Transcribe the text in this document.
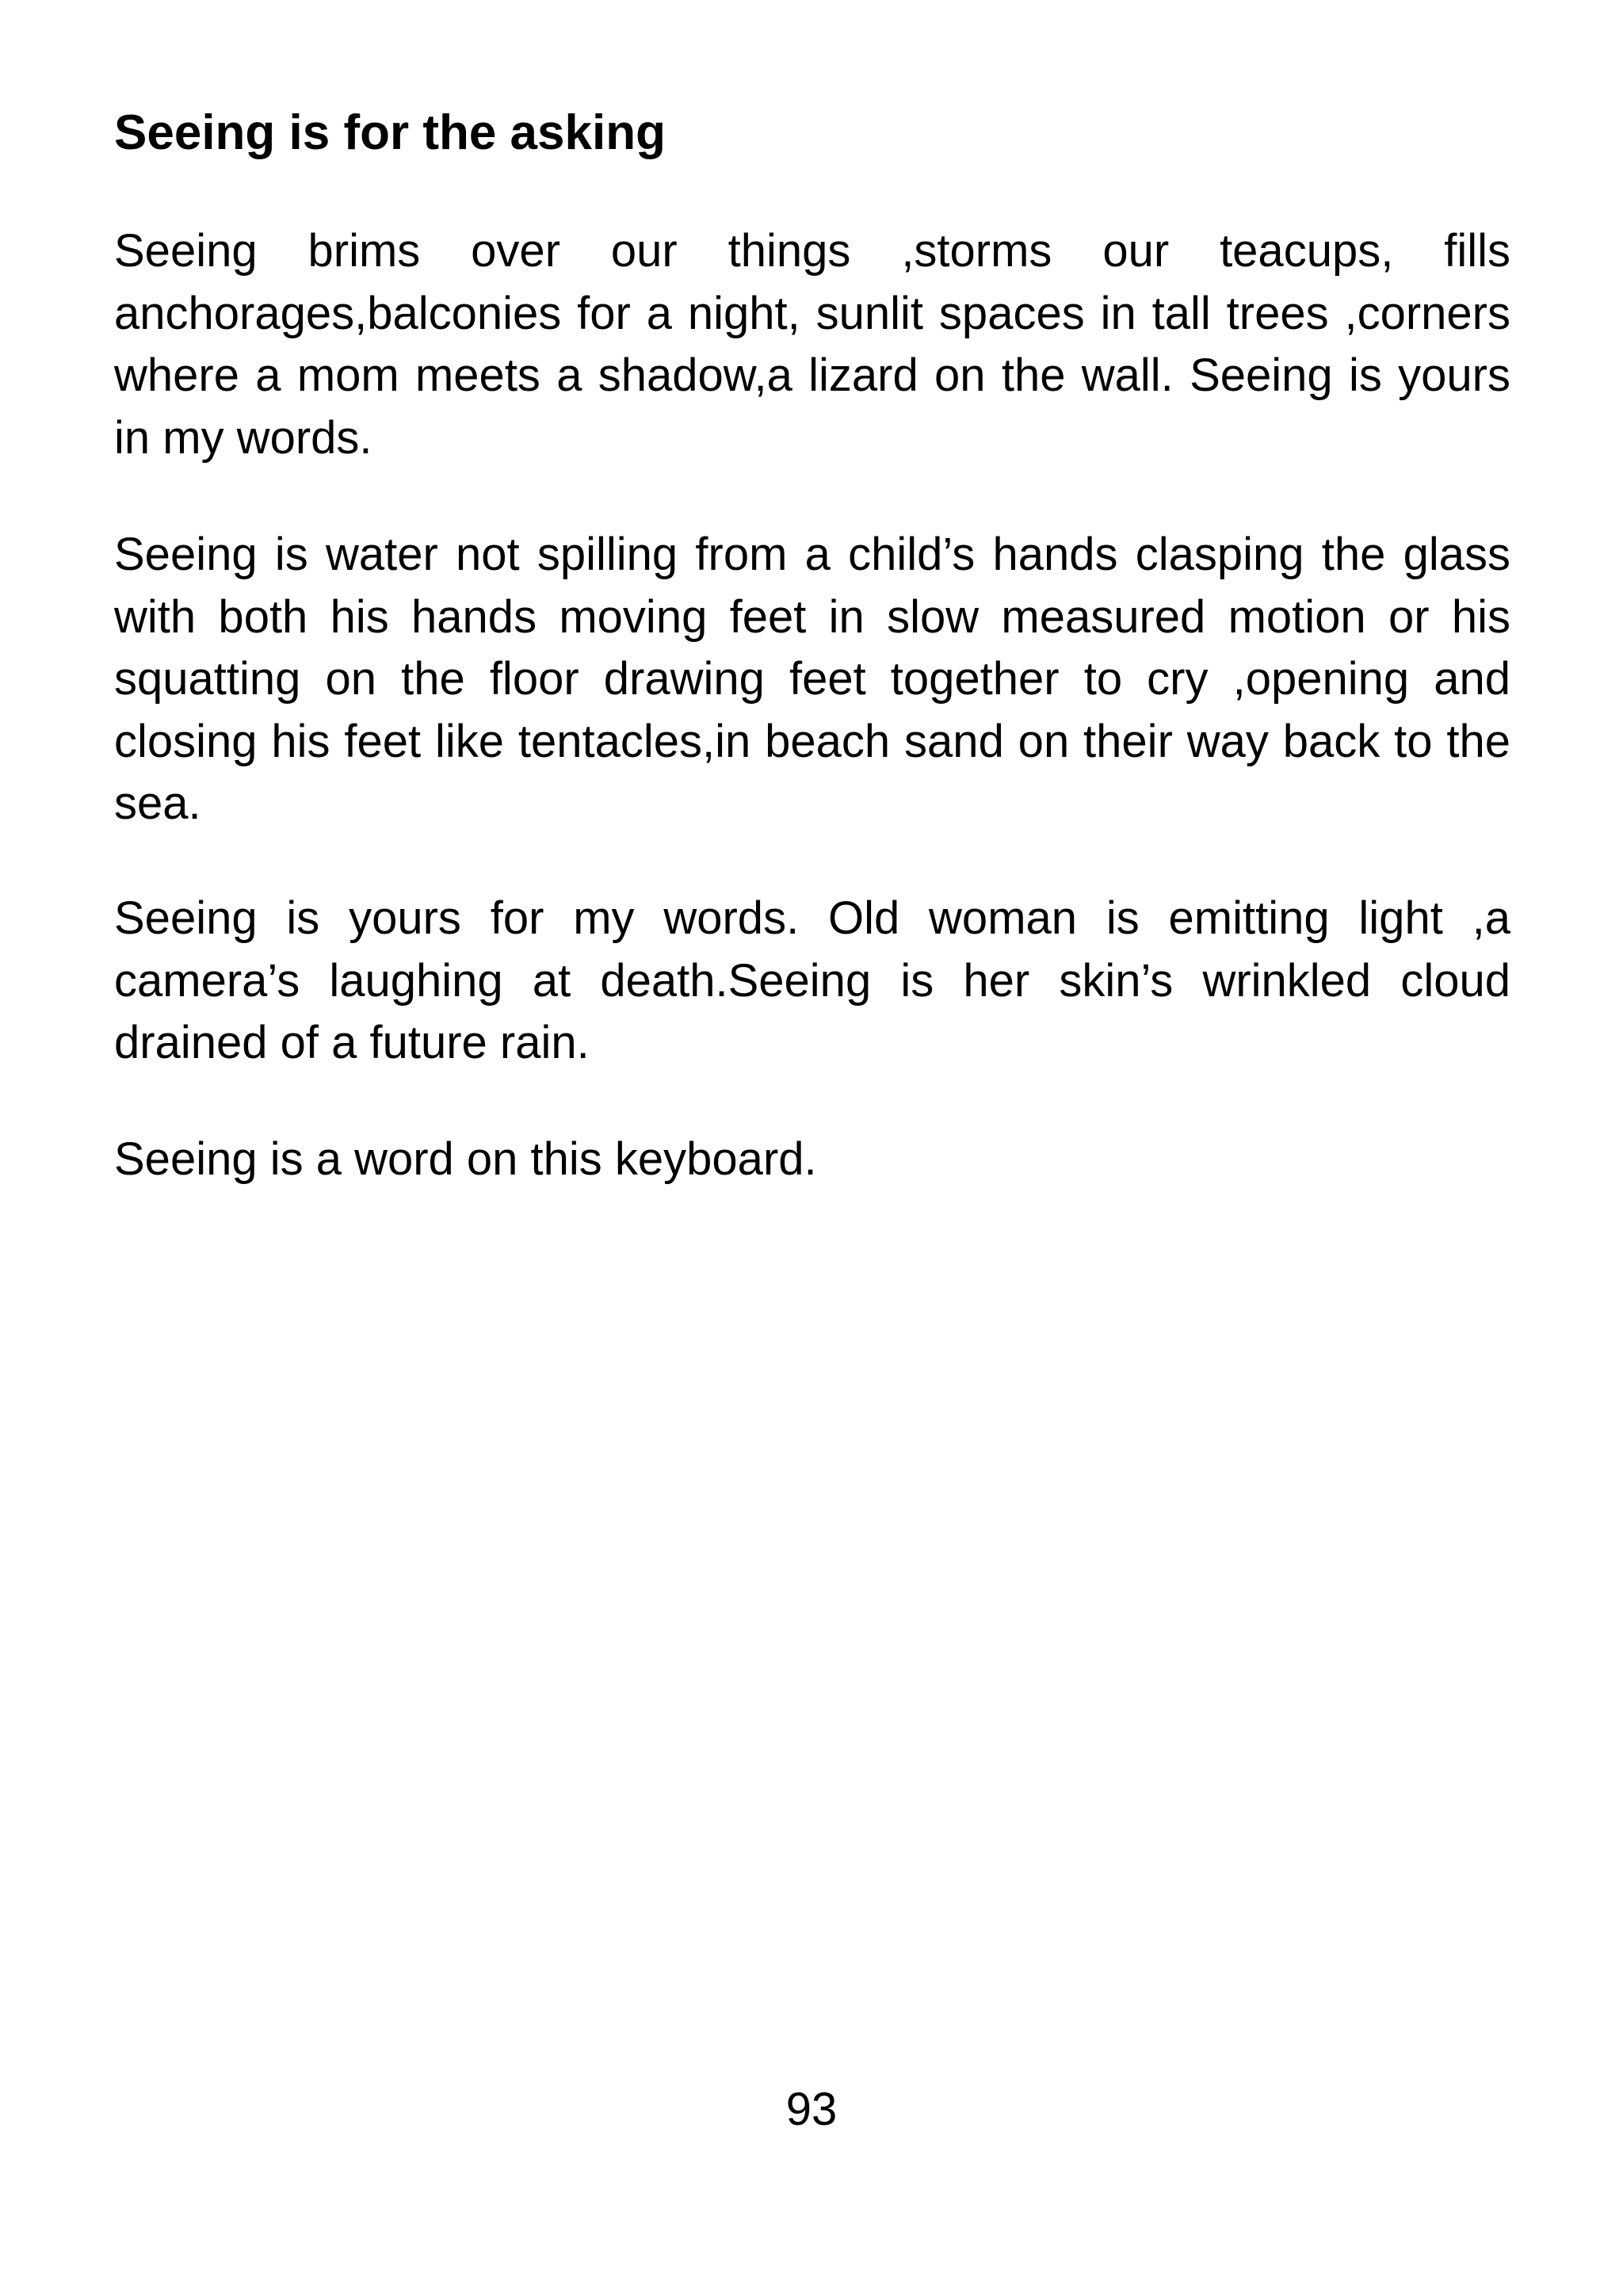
Seeing is for the asking

Seeing brims over our things ,storms our teacups, fills anchorages,balconies for a night, sunlit spaces in tall trees ,corners where a mom meets a shadow,a lizard on the wall. Seeing is yours in my words.

Seeing is water not spilling from a child’s hands clasping the glass with both his hands moving feet in slow measured motion or his squatting on the floor drawing feet together to cry ,opening and closing his feet like tentacles,in beach sand on their way back to the sea.

Seeing is yours for my words. Old woman is emitting light ,a camera’s laughing at death.Seeing is her skin’s wrinkled cloud drained of a future rain.

Seeing is a word on this keyboard.

93
